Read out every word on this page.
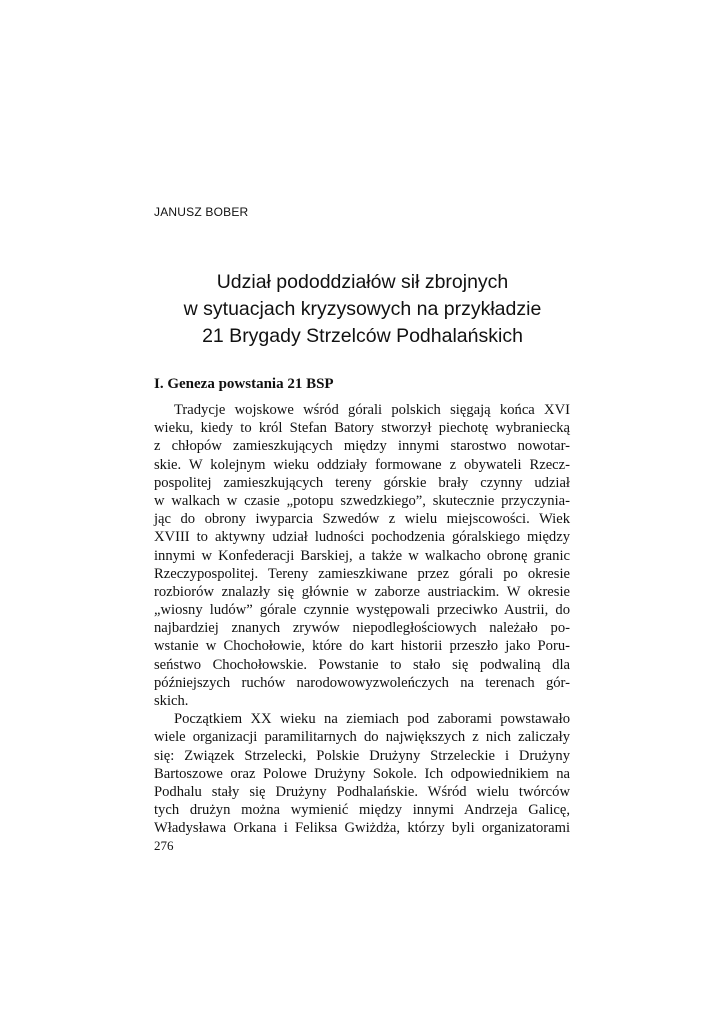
JANUSZ BOBER
Udział pododdziałów sił zbrojnych
w sytuacjach kryzysowych na przykładzie
21 Brygady Strzelców Podhalańskich
I. Geneza powstania 21 BSP
Tradycje wojskowe wśród górali polskich sięgają końca XVI
wieku, kiedy to król Stefan Batory stworzył piechotę wybraniecką
z chłopów zamieszkujących między innymi starostwo nowotar-
skie. W kolejnym wieku oddziały formowane z obywateli Rzecz-
pospolitej zamieszkujących tereny górskie brały czynny udział
w walkach w czasie „potopu szwedzkiego”, skutecznie przyczynia-
jąc do obrony iwyparcia Szwedów z wielu miejscowości. Wiek
XVIII to aktywny udział ludności pochodzenia góralskiego między
innymi w Konfederacji Barskiej, a także w walkacho obronę granic
Rzeczypospolitej. Tereny zamieszkiwane przez górali po okresie
rozbiorów znalazły się głównie w zaborze austriackim. W okresie
„wiosny ludów” górale czynnie występowali przeciwko Austrii, do
najbardziej znanych zrywów niepodległościowych należało po-
wstanie w Chochołowie, które do kart historii przeszło jako Poru-
seństwo Chochołowskie. Powstanie to stało się podwaliną dla
późniejszych ruchów narodowowyzwoleńczych na terenach gór-
skich.
Początkiem XX wieku na ziemiach pod zaborami powstawało
wiele organizacji paramilitarnych do największych z nich zaliczały
się: Związek Strzelecki, Polskie Drużyny Strzeleckie i Drużyny
Bartoszowe oraz Polowe Drużyny Sokole. Ich odpowiednikiem na
Podhalu stały się Drużyny Podhalańskie. Wśród wielu twórców
tych drużyn można wymienić między innymi Andrzeja Galicę,
Władysława Orkana i Feliksa Gwiżdża, którzy byli organizatorami
276
